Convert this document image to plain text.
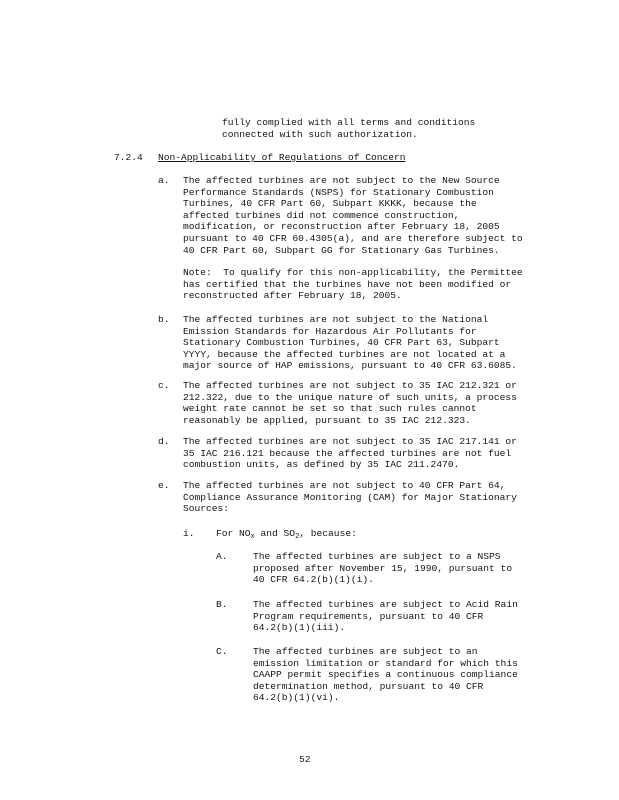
fully complied with all terms and conditions
connected with such authorization.
7.2.4 Non-Applicability of Regulations of Concern
a. The affected turbines are not subject to the New Source
Performance Standards (NSPS) for Stationary Combustion
Turbines, 40 CFR Part 60, Subpart KKKK, because the
affected turbines did not commence construction,
modification, or reconstruction after February 18, 2005
pursuant to 40 CFR 60.4305(a), and are therefore subject to
40 CFR Part 60, Subpart GG for Stationary Gas Turbines.
Note:  To qualify for this non-applicability, the Permittee
has certified that the turbines have not been modified or
reconstructed after February 18, 2005.
b. The affected turbines are not subject to the National
Emission Standards for Hazardous Air Pollutants for
Stationary Combustion Turbines, 40 CFR Part 63, Subpart
YYYY, because the affected turbines are not located at a
major source of HAP emissions, pursuant to 40 CFR 63.6085.
c. The affected turbines are not subject to 35 IAC 212.321 or
212.322, due to the unique nature of such units, a process
weight rate cannot be set so that such rules cannot
reasonably be applied, pursuant to 35 IAC 212.323.
d. The affected turbines are not subject to 35 IAC 217.141 or
35 IAC 216.121 because the affected turbines are not fuel
combustion units, as defined by 35 IAC 211.2470.
e. The affected turbines are not subject to 40 CFR Part 64,
Compliance Assurance Monitoring (CAM) for Major Stationary
Sources:
i. For $NO_x$ and $SO_2$, because:
A.	The affected turbines are subject to a NSPS
proposed after November 15, 1990, pursuant to
40 CFR 64.2(b)(1)(i).
B.	The affected turbines are subject to Acid Rain
Program requirements, pursuant to 40 CFR
64.2(b)(1)(iii).
C.	The affected turbines are subject to an
emission limitation or standard for which this
CAAPP permit specifies a continuous compliance
determination method, pursuant to 40 CFR
64.2(b)(1)(vi).
52
